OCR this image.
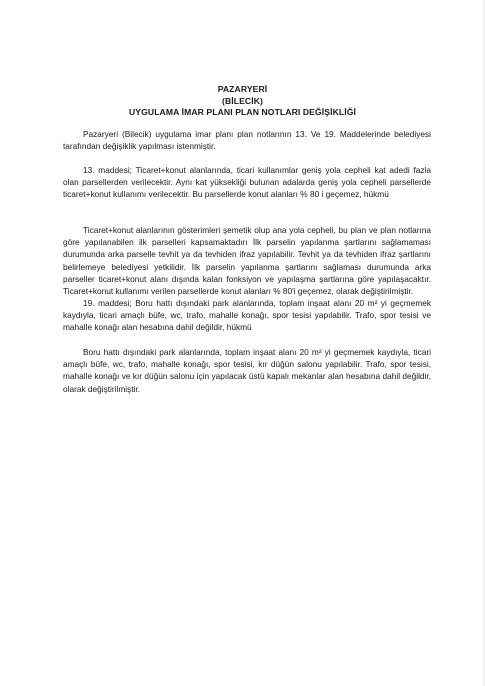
PAZARYERİ
(BİLECİK)
UYGULAMA İMAR PLANI PLAN NOTLARI DEĞİŞİKLİĞİ

Pazaryeri (Bilecik) uygulama imar planı plan notlarının 13. Ve 19. Maddelerinde belediyesi tarafından değişiklik yapılması istenmiştir.

13. maddesi; Ticaret+konut alanlarında, ticari kullanımlar geniş yola cepheli kat adedi fazla olan parsellerden verilecektir. Aynı kat yüksekliği bulunan adalarda geniş yola cepheli parsellerde ticaret+konut kullanımı verilecektir. Bu parsellerde konut alanları % 80 i geçemez, hükmü

Ticaret+konut alanlarının gösterimleri şemetik olup ana yola cepheli, bu plan ve plan notlarına göre yapılanabilen ilk parselleri kapsamaktadırı İlk parselin yapılanma şartlarını sağlamaması durumunda arka parselle tevhit ya da tevhiden ifraz yapılabilir. Tevhit ya da tevhiden ifraz şartlarını belirlemeye belediyesi yetkilidir. İlk parselin yapılanma şartlarını sağlaması durumunda arka parseller ticaret+konut alanı dışında kalan fonksiyon ve yapılaşma şartlarına göre yapılaşacaktır. Ticaret+konut kullanımı verilen parsellerde konut alanları % 80'i geçemez, olarak değiştirilmiştir.

19. maddesi; Boru hattı dışındaki park alanlarında, toplam inşaat alanı 20 m² yi geçmemek kaydıyla, ticari amaçlı büfe, wc, trafo, mahalle konağı, spor tesisi yapılabilir. Trafo, spor tesisi ve mahalle konağı alan hesabına dahil değildir, hükmü

Boru hattı dışındaki park alanlarında, toplam inşaat alanı 20 m² yi geçmemek kaydıyla, ticari amaçlı büfe, wc, trafo, mahalle konağı, spor tesisi, kır düğün salonu yapılabilir. Trafo, spor tesisi, mahalle konağı ve kır düğün salonu için yapılacak üstü kapalı mekanlar alan hesabına dahil değildir, olarak değiştirilmiştir.
